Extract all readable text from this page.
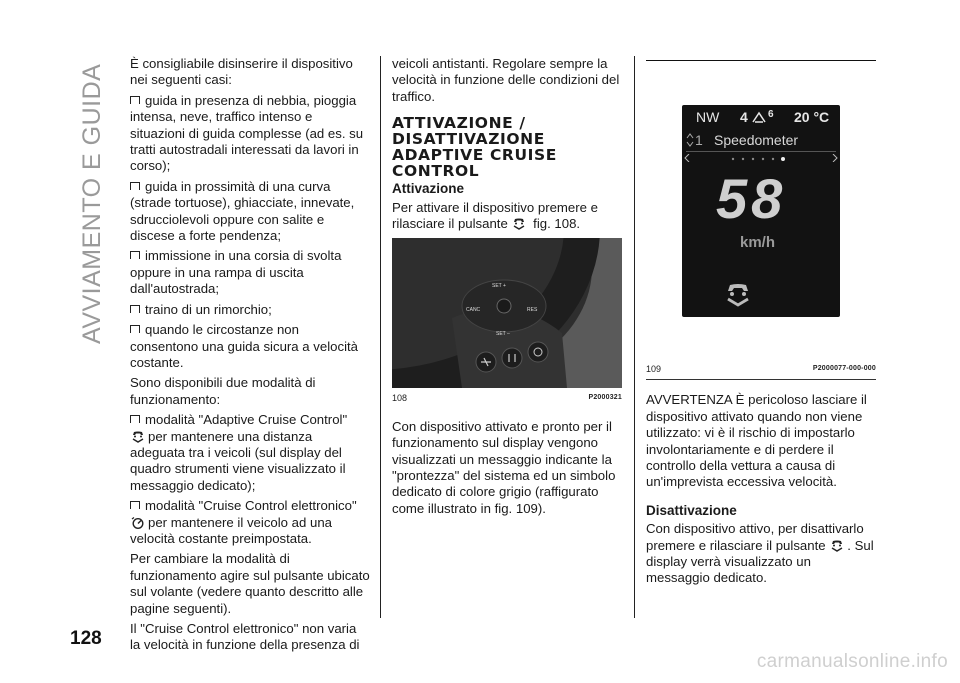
AVVIAMENTO E GUIDA
128

È consigliabile disinserire il dispositivo nei seguenti casi:

guida in presenza di nebbia, pioggia intensa, neve, traffico intenso e situazioni di guida complesse (ad es. su tratti autostradali interessati da lavori in corso);

guida in prossimità di una curva (strade tortuose), ghiacciate, innevate, sdrucciolevoli oppure con salite e discese a forte pendenza;

immissione in una corsia di svolta oppure in una rampa di uscita dall'autostrada;

traino di un rimorchio;

quando le circostanze non consentono una guida sicura a velocità costante.

Sono disponibili due modalità di funzionamento:

modalità "Adaptive Cruise Control"
per mantenere una distanza adeguata tra i veicoli (sul display del quadro strumenti viene visualizzato il messaggio dedicato);

modalità "Cruise Control elettronico"
per mantenere il veicolo ad una velocità costante preimpostata.

Per cambiare la modalità di funzionamento agire sul pulsante ubicato sul volante (vedere quanto descritto alle pagine seguenti).

Il "Cruise Control elettronico" non varia la velocità in funzione della presenza di

veicoli antistanti. Regolare sempre la velocità in funzione delle condizioni del traffico.

ATTIVAZIONE / DISATTIVAZIONE ADAPTIVE CRUISE CONTROL
Attivazione

Per attivare il dispositivo premere e rilasciare il pulsante fig. 108.

SET +
CANC	RES
SET –
108	P2000321

Con dispositivo attivato e pronto per il funzionamento sul display vengono visualizzati un messaggio indicante la "prontezza" del sistema ed un simbolo dedicato di colore grigio (raffigurato come illustrato in fig. 109).

NW 4 6 20 °C
1 Speedometer
58
km/h
109	P2000077-000-000

AVVERTENZA È pericoloso lasciare il dispositivo attivato quando non viene utilizzato: vi è il rischio di impostarlo involontariamente e di perdere il controllo della vettura a causa di un'imprevista eccessiva velocità.

Disattivazione

Con dispositivo attivo, per disattivarlo premere e rilasciare il pulsante . Sul display verrà visualizzato un messaggio dedicato.

carmanualsonline.info
